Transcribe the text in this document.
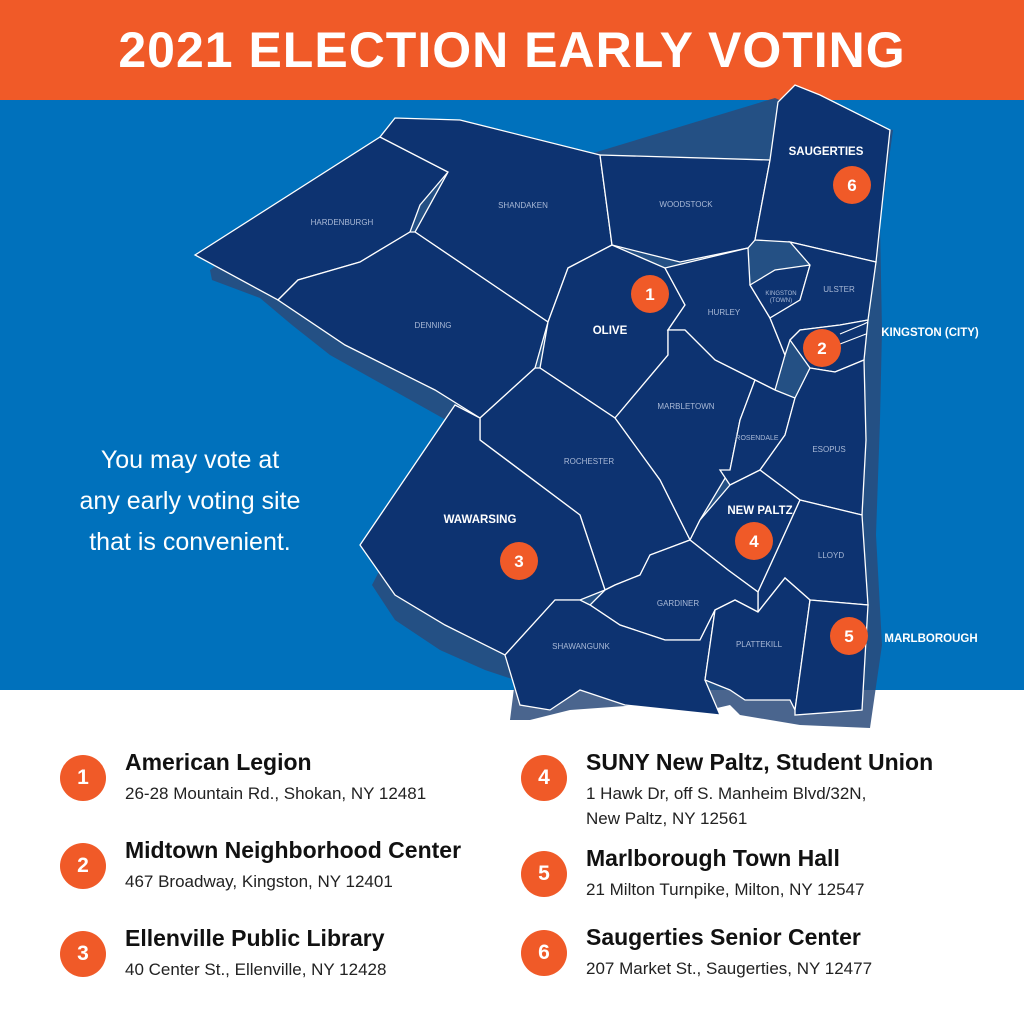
2021 ELECTION EARLY VOTING
HARDENBURGH
SHANDAKEN	WOODSTOCK
DENNING
HURLEY
KINGSTON
(TOWN)
ULSTER
MARBLETOWN
ROCHESTER
ROSENDALE
ESOPUS
LLOYD
GARDINER
SHAWANGUNK	PLATTEKILL
SAUGERTIES
OLIVE
WAWARSING
NEW PALTZ
KINGSTON (CITY)
MARLBOROUGH
1
2
3
4
5
6
You may vote at
any early voting site
that is convenient.
1
American Legion
26-28 Mountain Rd., Shokan, NY 12481
2
Midtown Neighborhood Center
467 Broadway, Kingston, NY 12401
3
Ellenville Public Library
40 Center St., Ellenville, NY 12428
4
SUNY New Paltz, Student Union
1 Hawk Dr, off S. Manheim Blvd/32N,
New Paltz, NY 12561
5
Marlborough Town Hall
21 Milton Turnpike, Milton, NY 12547
6
Saugerties Senior Center
207 Market St., Saugerties, NY 12477
